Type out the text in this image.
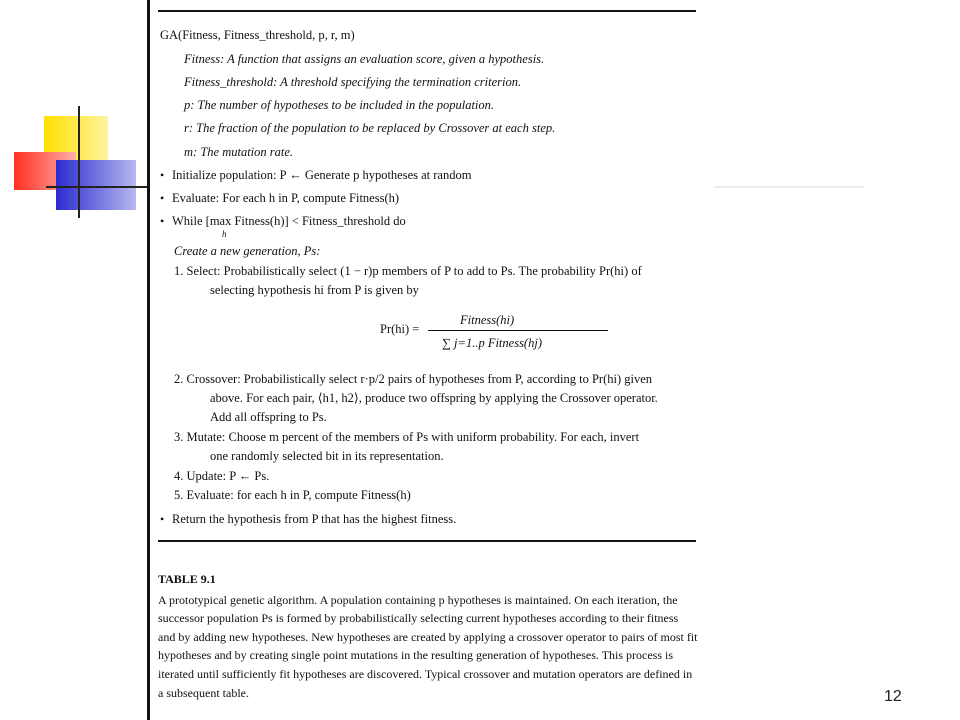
GA(Fitness, Fitness_threshold, p, r, m)
Fitness: A function that assigns an evaluation score, given a hypothesis.
Fitness_threshold: A threshold specifying the termination criterion.
p: The number of hypotheses to be included in the population.
r: The fraction of the population to be replaced by Crossover at each step.
m: The mutation rate.
• Initialize population: P ← Generate p hypotheses at random
• Evaluate: For each h in P, compute Fitness(h)
• While [max Fitness(h)] < Fitness_threshold do
h
Create a new generation, Ps:
1. Select: Probabilistically select (1 − r)p members of P to add to Ps. The probability Pr(hi) of
selecting hypothesis hi from P is given by
Pr(hi) =
Fitness(hi)
∑ j=1..p Fitness(hj)
2. Crossover: Probabilistically select r·p/2 pairs of hypotheses from P, according to Pr(hi) given
above. For each pair, ⟨h1, h2⟩, produce two offspring by applying the Crossover operator.
Add all offspring to Ps.
3. Mutate: Choose m percent of the members of Ps with uniform probability. For each, invert
one randomly selected bit in its representation.
4. Update: P ← Ps.
5. Evaluate: for each h in P, compute Fitness(h)
• Return the hypothesis from P that has the highest fitness.
TABLE 9.1
A prototypical genetic algorithm. A population containing p hypotheses is maintained. On each iteration, the successor population Ps is formed by probabilistically selecting current hypotheses according to their fitness and by adding new hypotheses. New hypotheses are created by applying a crossover operator to pairs of most fit hypotheses and by creating single point mutations in the resulting generation of hypotheses. This process is iterated until sufficiently fit hypotheses are discovered. Typical crossover and mutation operators are defined in a subsequent table.	12
